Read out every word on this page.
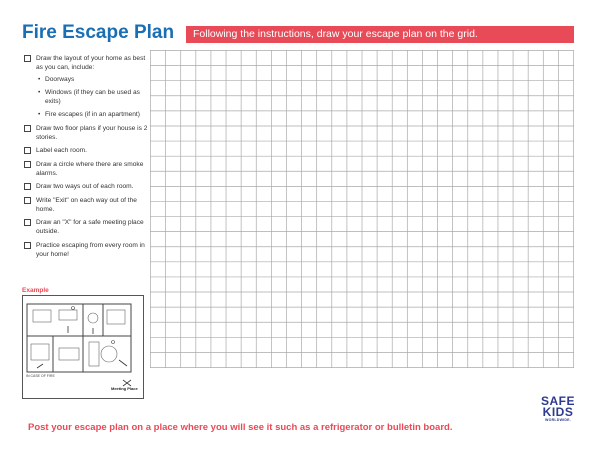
Fire Escape Plan	Following the instructions, draw your escape plan on the grid.
Draw the layout of your home as best as you can, include:
• Doorways
• Windows (if they can be used as exits)
• Fire escapes (if in an apartment)
Draw two floor plans if your house is 2 stories.
Label each room.
Draw a circle where there are smoke alarms.
Draw two ways out of each room.
Write "Exit" on each way out of the home.
Draw an "X" for a safe meeting place outside.
Practice escaping from every room in your home!
Example
IN CASE OF FIRE
Meeting Place
Post your escape plan on a place where you will see it such as a refrigerator or bulletin board.
SAFE
KIDS
WORLDWIDE.
